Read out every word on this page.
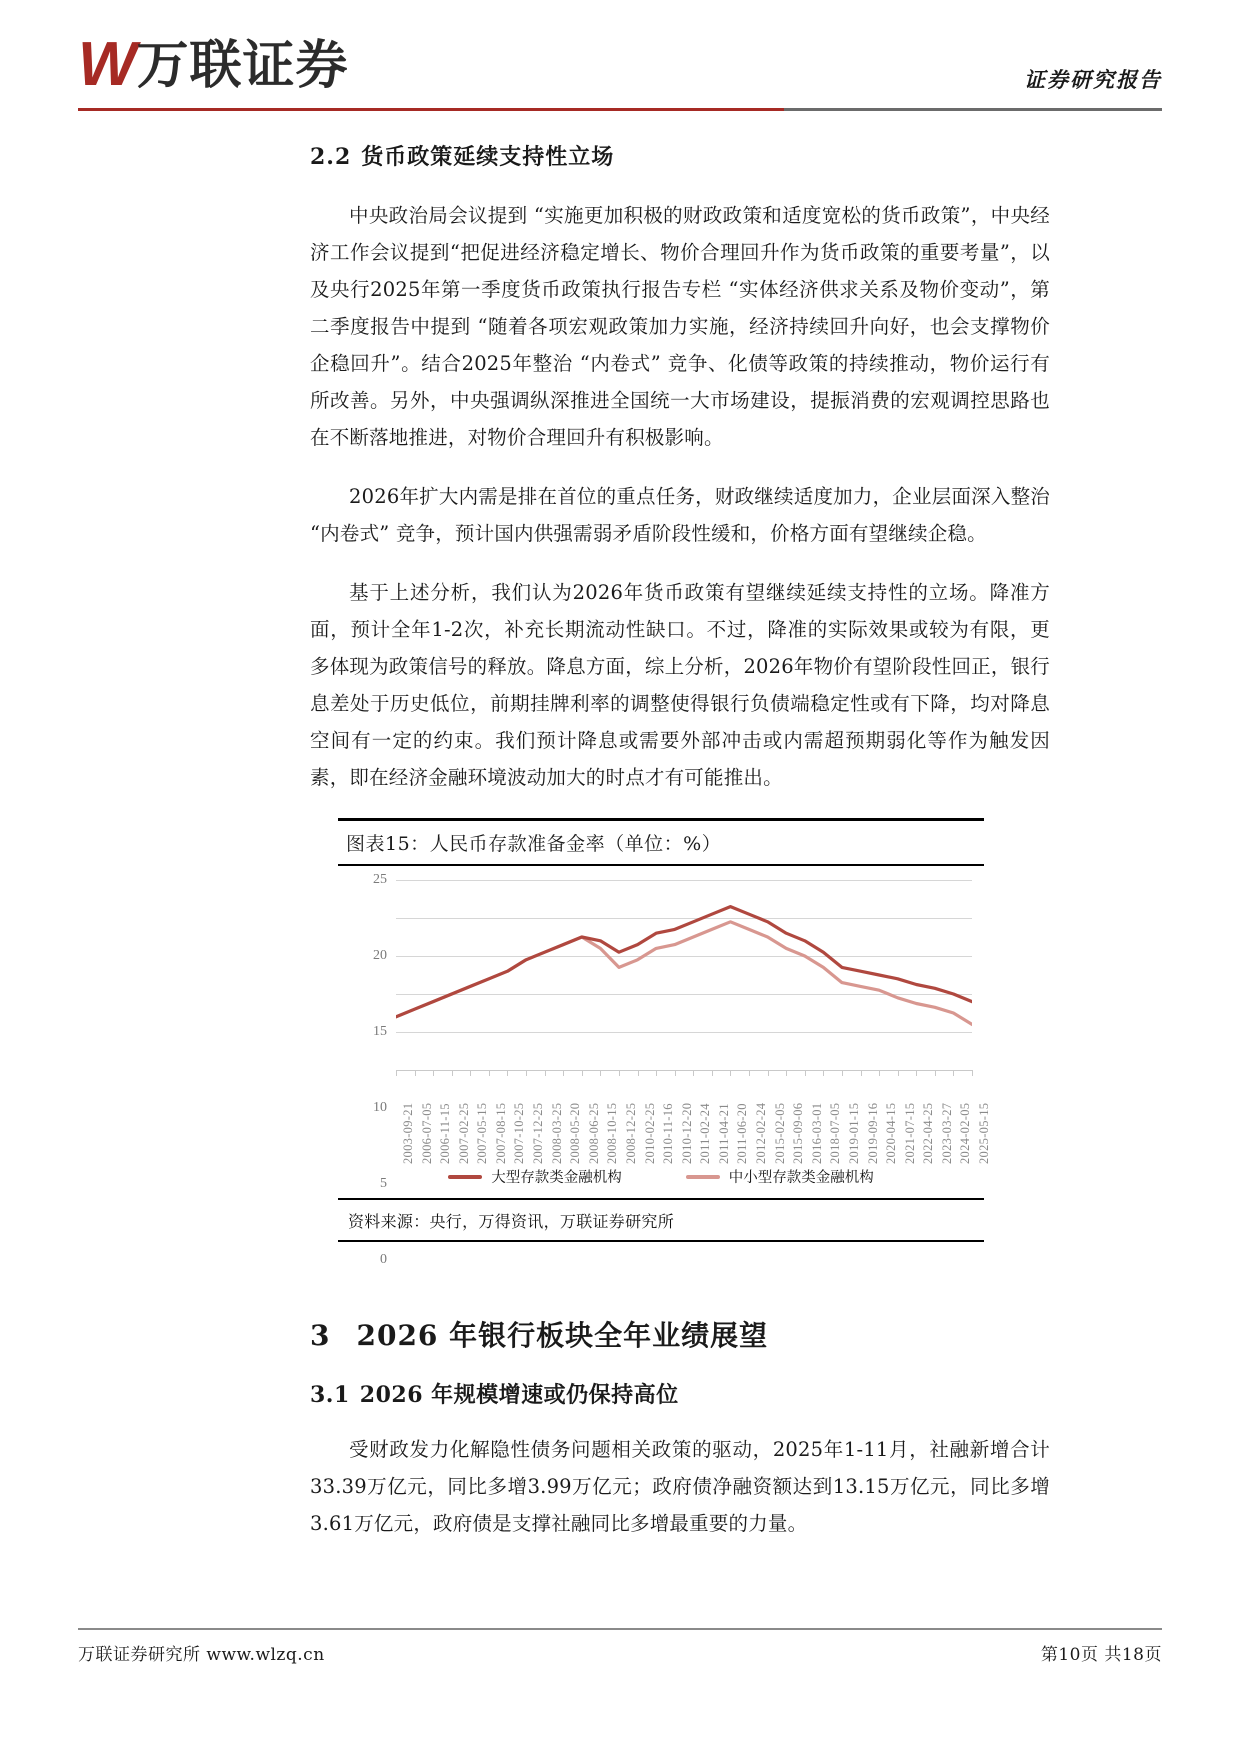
W 万联证券	证券研究报告
2.2 货币政策延续支持性立场

中央政治局会议提到 “实施更加积极的财政政策和适度宽松的货币政策”，中央经济工作会议提到“把促进经济稳定增长、物价合理回升作为货币政策的重要考量”，以及央行2025年第一季度货币政策执行报告专栏 “实体经济供求关系及物价变动”，第二季度报告中提到 “随着各项宏观政策加力实施，经济持续回升向好，也会支撑物价企稳回升”。结合2025年整治 “内卷式” 竞争、化债等政策的持续推动，物价运行有所改善。另外，中央强调纵深推进全国统一大市场建设，提振消费的宏观调控思路也在不断落地推进，对物价合理回升有积极影响。

2026年扩大内需是排在首位的重点任务，财政继续适度加力，企业层面深入整治 “内卷式” 竞争，预计国内供强需弱矛盾阶段性缓和，价格方面有望继续企稳。

基于上述分析，我们认为2026年货币政策有望继续延续支持性的立场。降准方面，预计全年1-2次，补充长期流动性缺口。不过，降准的实际效果或较为有限，更多体现为政策信号的释放。降息方面，综上分析，2026年物价有望阶段性回正，银行息差处于历史低位，前期挂牌利率的调整使得银行负债端稳定性或有下降，均对降息空间有一定的约束。我们预计降息或需要外部冲击或内需超预期弱化等作为触发因素，即在经济金融环境波动加大的时点才有可能推出。

图表15：人民币存款准备金率（单位：%）
0
5
10
15
20
25
2003-09-21 2006-07-05 2006-11-15 2007-02-25 2007-05-15 2007-08-15 2007-10-25 2007-12-25 2008-03-25 2008-05-20 2008-06-25 2008-10-15 2008-12-25 2010-02-25 2010-11-16 2010-12-20 2011-02-24 2011-04-21 2011-06-20 2012-02-24 2015-02-05 2015-09-06 2016-03-01 2018-07-05 2019-01-15 2019-09-16 2020-04-15 2021-07-15 2022-04-25 2023-03-27 2024-02-05 2025-05-15
大型存款类金融机构	中小型存款类金融机构
资料来源：央行，万得资讯，万联证券研究所
3 2026 年银行板块全年业绩展望
3.1 2026 年规模增速或仍保持高位

受财政发力化解隐性债务问题相关政策的驱动，2025年1-11月，社融新增合计33.39万亿元，同比多增3.99万亿元；政府债净融资额达到13.15万亿元，同比多增3.61万亿元，政府债是支撑社融同比多增最重要的力量。

万联证券研究所 www.wlzq.cn	第10页 共18页
